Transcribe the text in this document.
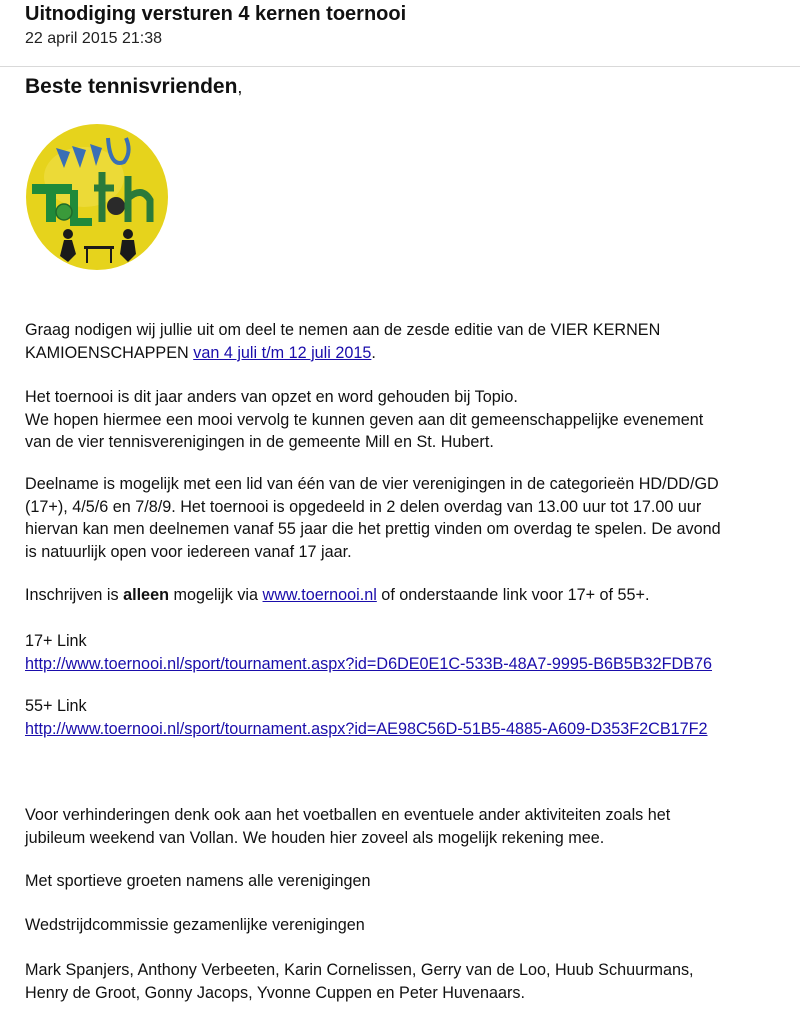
Uitnodiging versturen 4 kernen toernooi
22 april 2015 21:38
Beste tennisvrienden,

Graag nodigen wij jullie uit om deel te nemen aan de zesde editie van de VIER KERNEN
KAMIOENSCHAPPEN van 4 juli t/m 12 juli 2015.

Het toernooi is dit jaar anders van opzet en word gehouden bij Topio.
We hopen hiermee een mooi vervolg te kunnen geven aan dit gemeenschappelijke evenement
van de vier tennisverenigingen in de gemeente Mill en St. Hubert.

Deelname is mogelijk met een lid van één van de vier verenigingen in de categorieën HD/DD/GD
(17+), 4/5/6 en 7/8/9. Het toernooi is opgedeeld in 2 delen overdag van 13.00 uur tot 17.00 uur
hiervan kan men deelnemen vanaf 55 jaar die het prettig vinden om overdag te spelen. De avond
is natuurlijk open voor iedereen vanaf 17 jaar.

Inschrijven is alleen mogelijk via www.toernooi.nl of onderstaande link voor 17+ of 55+.

17+ Link
http://www.toernooi.nl/sport/tournament.aspx?id=D6DE0E1C-533B-48A7-9995-B6B5B32FDB76

55+ Link
http://www.toernooi.nl/sport/tournament.aspx?id=AE98C56D-51B5-4885-A609-D353F2CB17F2

Voor verhinderingen denk ook aan het voetballen en eventuele ander aktiviteiten zoals het
jubileum weekend van Vollan. We houden hier zoveel als mogelijk rekening mee.

Met sportieve groeten namens alle verenigingen

Wedstrijdcommissie gezamenlijke verenigingen

Mark Spanjers, Anthony Verbeeten, Karin Cornelissen, Gerry van de Loo, Huub Schuurmans,
Henry de Groot, Gonny Jacops, Yvonne Cuppen en Peter Huvenaars.
